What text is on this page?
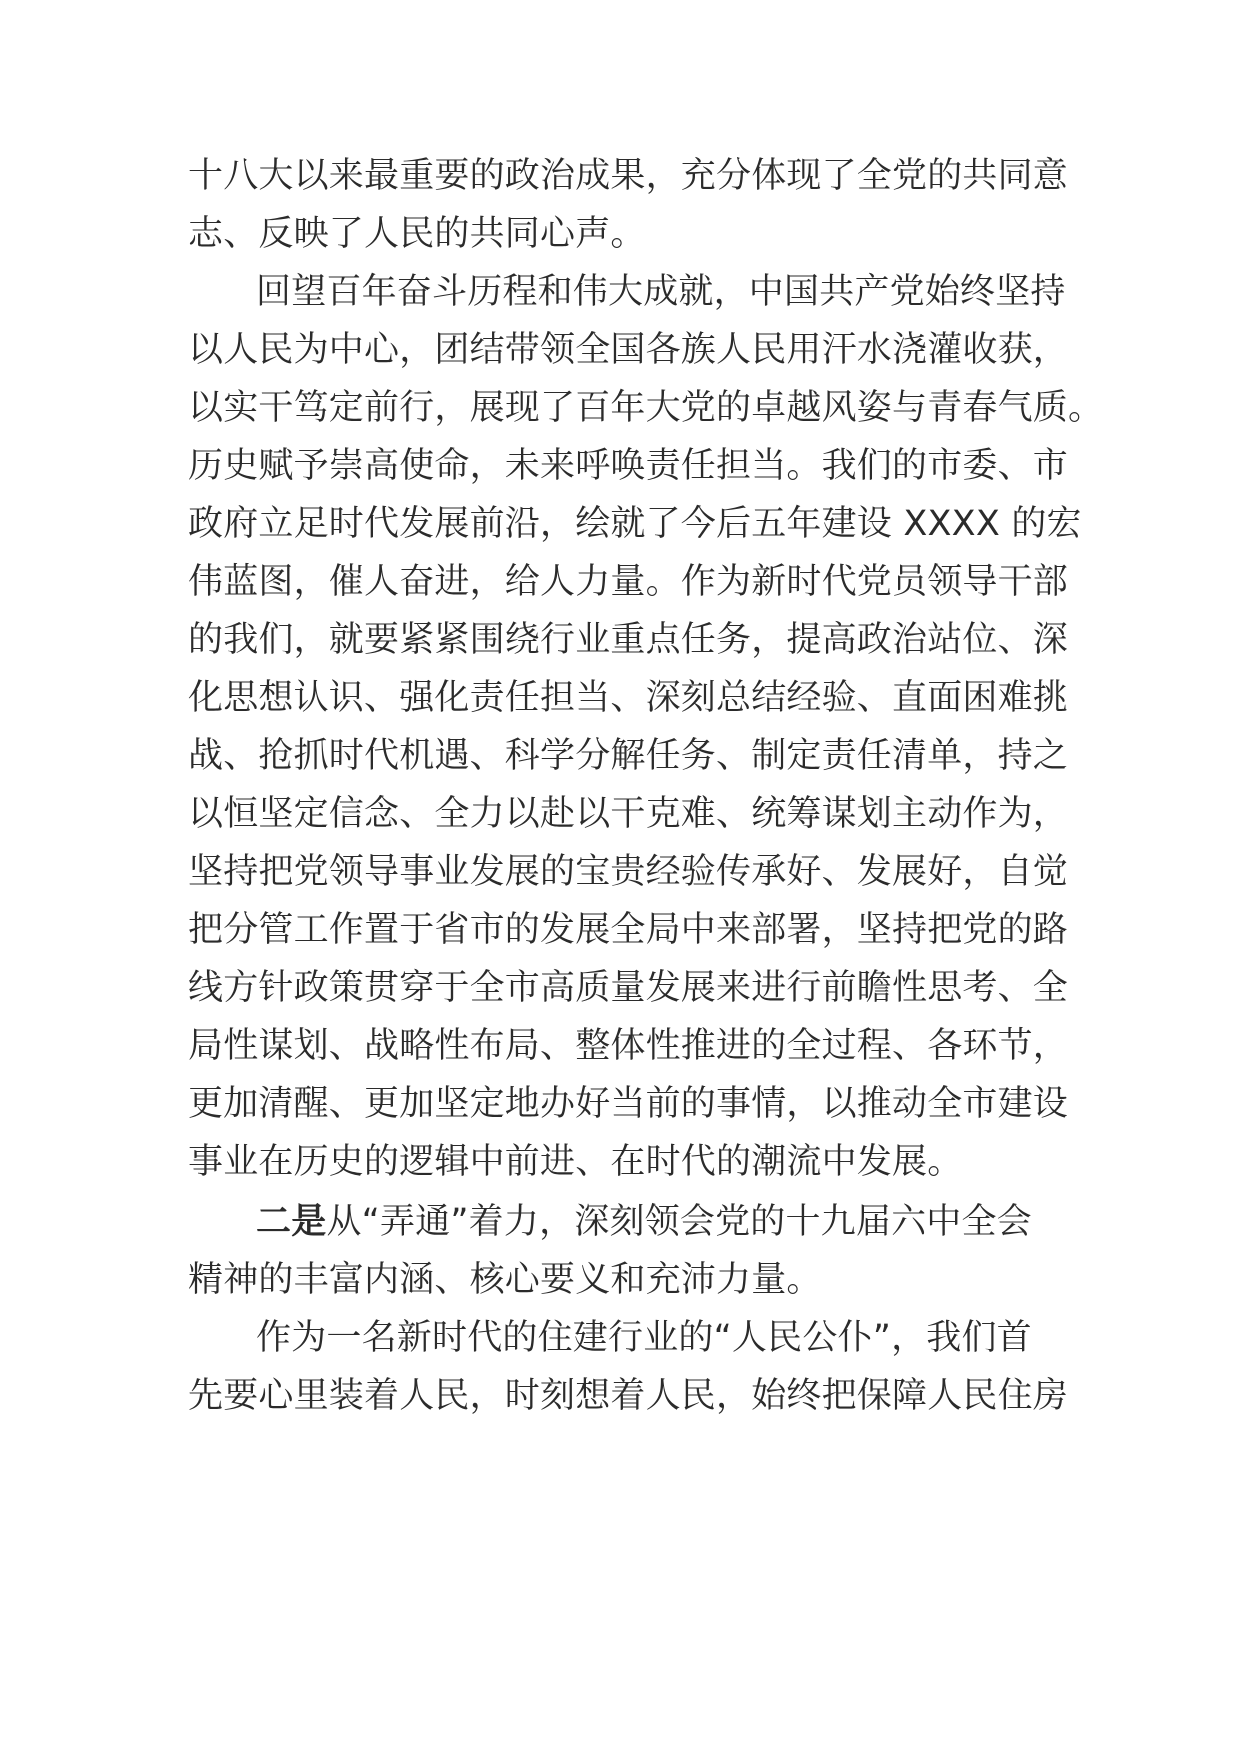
十八大以来最重要的政治成果，充分体现了全党的共同意

志、反映了人民的共同心声。

回望百年奋斗历程和伟大成就，中国共产党始终坚持

以人民为中心，团结带领全国各族人民用汗水浇灌收获，

以实干笃定前行，展现了百年大党的卓越风姿与青春气质。

历史赋予崇高使命，未来呼唤责任担当。我们的市委、市

政府立足时代发展前沿，绘就了今后五年建设 XXXX 的宏

伟蓝图，催人奋进，给人力量。作为新时代党员领导干部

的我们，就要紧紧围绕行业重点任务，提高政治站位、深

化思想认识、强化责任担当、深刻总结经验、直面困难挑

战、抢抓时代机遇、科学分解任务、制定责任清单，持之

以恒坚定信念、全力以赴以干克难、统筹谋划主动作为，

坚持把党领导事业发展的宝贵经验传承好、发展好，自觉

把分管工作置于省市的发展全局中来部署，坚持把党的路

线方针政策贯穿于全市高质量发展来进行前瞻性思考、全

局性谋划、战略性布局、整体性推进的全过程、各环节，

更加清醒、更加坚定地办好当前的事情，以推动全市建设

事业在历史的逻辑中前进、在时代的潮流中发展。

二是从“弄通”着力，深刻领会党的十九届六中全会

精神的丰富内涵、核心要义和充沛力量。

作为一名新时代的住建行业的“人民公仆”，我们首

先要心里装着人民，时刻想着人民，始终把保障人民住房
